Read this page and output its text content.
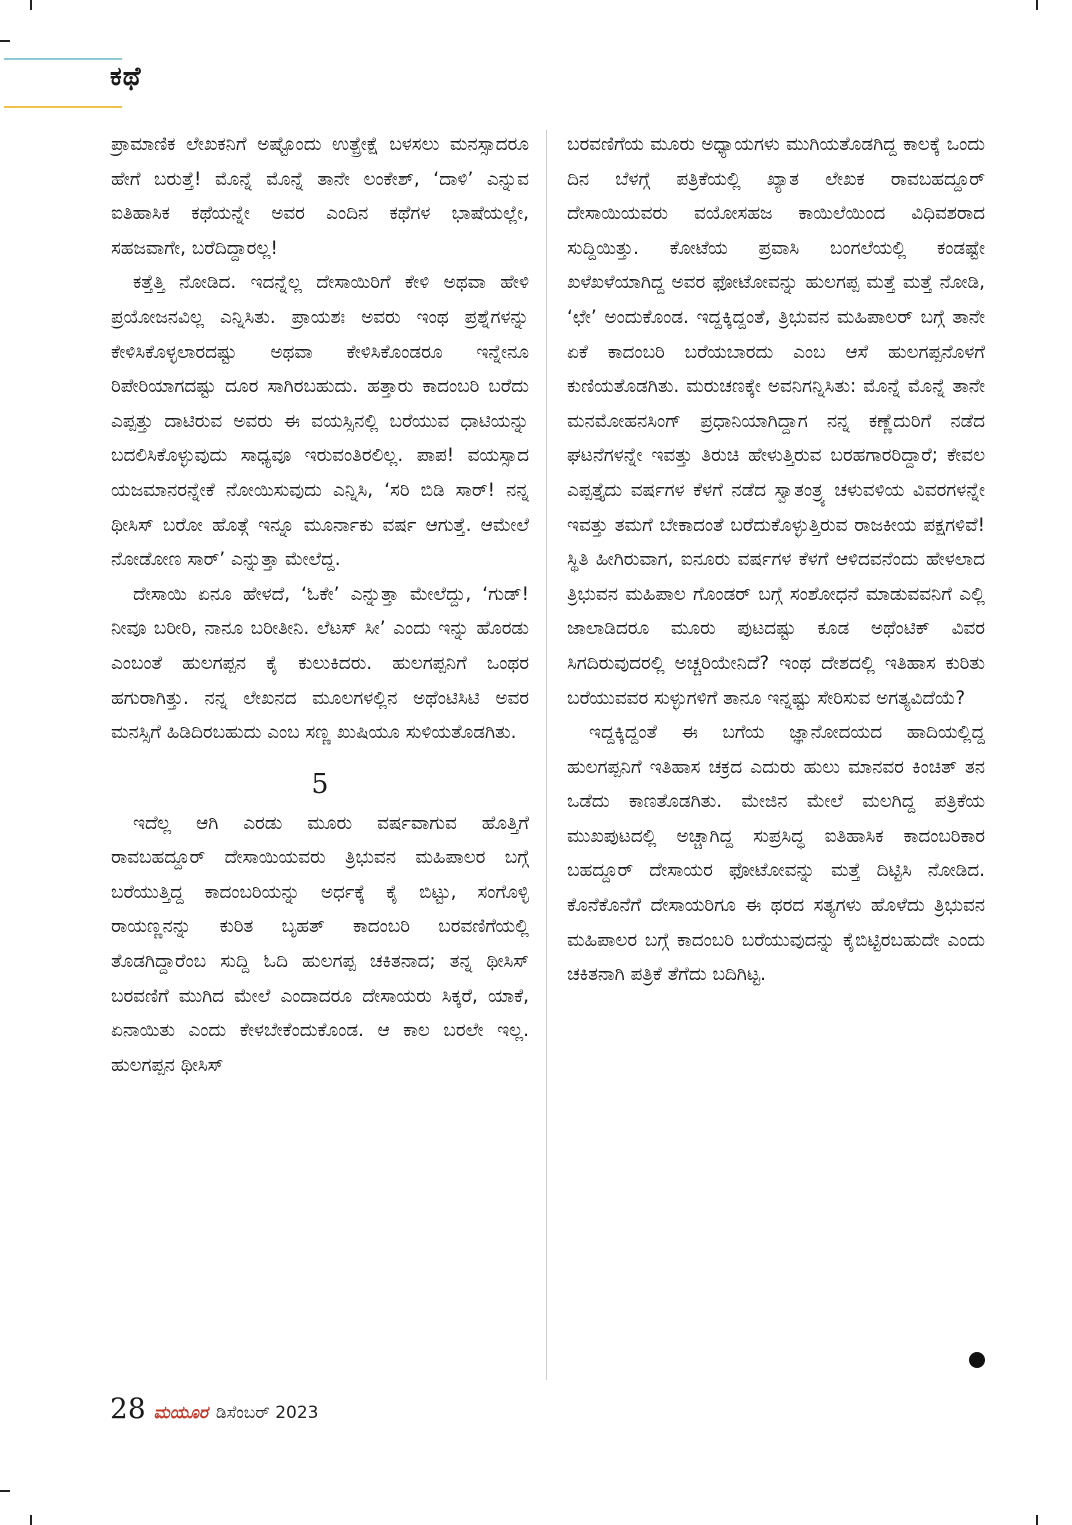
ಕಥೆ

ಪ್ರಾಮಾಣಿಕ ಲೇಖಕನಿಗೆ ಅಷ್ಟೊಂದು ಉತ್ಪ್ರೇಕ್ಷೆ ಬಳಸಲು ಮನಸ್ಸಾದರೂ ಹೇಗೆ ಬರುತ್ತೆ! ಮೊನ್ನೆ ಮೊನ್ನೆ ತಾನೇ ಲಂಕೇಶ್, ‘ದಾಳಿ’ ಎನ್ನುವ ಐತಿಹಾಸಿಕ ಕಥೆಯನ್ನೇ ಅವರ ಎಂದಿನ ಕಥೆಗಳ ಭಾಷೆಯಲ್ಲೇ, ಸಹಜವಾಗೇ, ಬರೆದಿದ್ದಾರಲ್ಲ!

ಕತ್ತೆತ್ತಿ ನೋಡಿದ. ಇದನ್ನೆಲ್ಲ ದೇಸಾಯಿರಿಗೆ ಕೇಳಿ ಅಥವಾ ಹೇಳಿ ಪ್ರಯೋಜನವಿಲ್ಲ ಎನ್ನಿಸಿತು. ಪ್ರಾಯಶಃ ಅವರು ಇಂಥ ಪ್ರಶ್ನೆಗಳನ್ನು ಕೇಳಿಸಿಕೊಳ್ಳಲಾರದಷ್ಟು ಅಥವಾ ಕೇಳಿಸಿಕೊಂಡರೂ ಇನ್ನೇನೂ ರಿಪೇರಿಯಾಗದಷ್ಟು ದೂರ ಸಾಗಿರಬಹುದು. ಹತ್ತಾರು ಕಾದಂಬರಿ ಬರೆದು ಎಪ್ಪತ್ತು ದಾಟಿರುವ ಅವರು ಈ ವಯಸ್ಸಿನಲ್ಲಿ ಬರೆಯುವ ಧಾಟಿಯನ್ನು ಬದಲಿಸಿಕೊಳ್ಳುವುದು ಸಾಧ್ಯವೂ ಇರುವಂತಿರಲಿಲ್ಲ. ಪಾಪ! ವಯಸ್ಸಾದ ಯಜಮಾನರನ್ನೇಕೆ ನೋಯಿಸುವುದು ಎನ್ನಿಸಿ, ‘ಸರಿ ಬಿಡಿ ಸಾರ್! ನನ್ನ ಥೀಸಿಸ್ ಬರೋ ಹೊತ್ಗೆ ಇನ್ನೂ ಮೂರ್ನಾಕು ವರ್ಷ ಆಗುತ್ತೆ. ಆಮೇಲೆ ನೋಡೋಣ ಸಾರ್’ ಎನ್ನುತ್ತಾ ಮೇಲೆದ್ದ.

ದೇಸಾಯಿ ಏನೂ ಹೇಳದೆ, ‘ಓಕೇ’ ಎನ್ನುತ್ತಾ ಮೇಲೆದ್ದು, ‘ಗುಡ್! ನೀವೂ ಬರೀರಿ, ನಾನೂ ಬರೀತೀನಿ. ಲೆಟಸ್ ಸೀ’ ಎಂದು ಇನ್ನು ಹೊರಡು ಎಂಬಂತೆ ಹುಲಗಪ್ಪನ ಕೈ ಕುಲುಕಿದರು. ಹುಲಗಪ್ಪನಿಗೆ ಒಂಥರ ಹಗುರಾಗಿತ್ತು. ನನ್ನ ಲೇಖನದ ಮೂಲಗಳಲ್ಲಿನ ಅಥೆಂಟಿಸಿಟಿ ಅವರ ಮನಸ್ಸಿಗೆ ಹಿಡಿದಿರಬಹುದು ಎಂಬ ಸಣ್ಣ ಖುಷಿಯೂ ಸುಳಿಯತೊಡಗಿತು.

5

ಇದೆಲ್ಲ ಆಗಿ ಎರಡು ಮೂರು ವರ್ಷವಾಗುವ ಹೊತ್ತಿಗೆ ರಾವಬಹದ್ದೂರ್ ದೇಸಾಯಿಯವರು ತ್ರಿಭುವನ ಮಹಿಪಾಲರ ಬಗ್ಗೆ ಬರೆಯುತ್ತಿದ್ದ ಕಾದಂಬರಿಯನ್ನು ಅರ್ಧಕ್ಕೆ ಕೈ ಬಿಟ್ಟು, ಸಂಗೊಳ್ಳಿ ರಾಯಣ್ಣನನ್ನು ಕುರಿತ ಬೃಹತ್ ಕಾದಂಬರಿ ಬರವಣಿಗೆಯಲ್ಲಿ ತೊಡಗಿದ್ದಾರೆಂಬ ಸುದ್ದಿ ಓದಿ ಹುಲಗಪ್ಪ ಚಕಿತನಾದ; ತನ್ನ ಥೀಸಿಸ್ ಬರವಣಿಗೆ ಮುಗಿದ ಮೇಲೆ ಎಂದಾದರೂ ದೇಸಾಯರು ಸಿಕ್ಕರೆ, ಯಾಕೆ, ಏನಾಯಿತು ಎಂದು ಕೇಳಬೇಕೆಂದುಕೊಂಡ. ಆ ಕಾಲ ಬರಲೇ ಇಲ್ಲ. ಹುಲಗಪ್ಪನ ಥೀಸಿಸ್

ಬರವಣಿಗೆಯ ಮೂರು ಅಧ್ಯಾಯಗಳು ಮುಗಿಯತೊಡಗಿದ್ದ ಕಾಲಕ್ಕೆ ಒಂದು ದಿನ ಬೆಳಗ್ಗೆ ಪತ್ರಿಕೆಯಲ್ಲಿ ಖ್ಯಾತ ಲೇಖಕ ರಾವಬಹದ್ದೂರ್ ದೇಸಾಯಿಯವರು ವಯೋಸಹಜ ಕಾಯಿಲೆಯಿಂದ ವಿಧಿವಶರಾದ ಸುದ್ದಿಯಿತ್ತು. ಕೋಟೆಯ ಪ್ರವಾಸಿ ಬಂಗಲೆಯಲ್ಲಿ ಕಂಡಷ್ಟೇ ಖಳೆಖಳೆಯಾಗಿದ್ದ ಅವರ ಫೋಟೋವನ್ನು ಹುಲಗಪ್ಪ ಮತ್ತೆ ಮತ್ತೆ ನೋಡಿ, ‘ಛೇ’ ಅಂದುಕೊಂಡ. ಇದ್ದಕ್ಕಿದ್ದಂತೆ, ತ್ರಿಭುವನ ಮಹಿಪಾಲರ್ ಬಗ್ಗೆ ತಾನೇ ಏಕೆ ಕಾದಂಬರಿ ಬರೆಯಬಾರದು ಎಂಬ ಆಸೆ ಹುಲಗಪ್ಪನೊಳಗೆ ಕುಣಿಯತೊಡಗಿತು. ಮರುಚಣಕ್ಕೇ ಅವನಿಗನ್ನಿಸಿತು: ಮೊನ್ನೆ ಮೊನ್ನೆ ತಾನೇ ಮನಮೋಹನಸಿಂಗ್ ಪ್ರಧಾನಿಯಾಗಿದ್ದಾಗ ನನ್ನ ಕಣ್ಣೆದುರಿಗೆ ನಡೆದ ಘಟನೆಗಳನ್ನೇ ಇವತ್ತು ತಿರುಚಿ ಹೇಳುತ್ತಿರುವ ಬರಹಗಾರರಿದ್ದಾರೆ; ಕೇವಲ ಎಪ್ಪತ್ತೈದು ವರ್ಷಗಳ ಕೆಳಗೆ ನಡೆದ ಸ್ವಾತಂತ್ರ್ಯ ಚಳುವಳಿಯ ವಿವರಗಳನ್ನೇ ಇವತ್ತು ತಮಗೆ ಬೇಕಾದಂತೆ ಬರೆದುಕೊಳ್ಳುತ್ತಿರುವ ರಾಜಕೀಯ ಪಕ್ಷಗಳಿವೆ! ಸ್ಥಿತಿ ಹೀಗಿರುವಾಗ, ಐನೂರು ವರ್ಷಗಳ ಕೆಳಗೆ ಆಳಿದವನೆಂದು ಹೇಳಲಾದ ತ್ರಿಭುವನ ಮಹಿಪಾಲ ಗೊಂಡರ್ ಬಗ್ಗೆ ಸಂಶೋಧನೆ ಮಾಡುವವನಿಗೆ ಎಲ್ಲಿ ಜಾಲಾಡಿದರೂ ಮೂರು ಪುಟದಷ್ಟು ಕೂಡ ಅಥೆಂಟಿಕ್ ವಿವರ ಸಿಗದಿರುವುದರಲ್ಲಿ ಅಚ್ಚರಿಯೇನಿದೆ? ಇಂಥ ದೇಶದಲ್ಲಿ ಇತಿಹಾಸ ಕುರಿತು ಬರೆಯುವವರ ಸುಳ್ಳುಗಳಿಗೆ ತಾನೂ ಇನ್ನಷ್ಟು ಸೇರಿಸುವ ಅಗತ್ಯವಿದೆಯೆ?

ಇದ್ದಕ್ಕಿದ್ದಂತೆ ಈ ಬಗೆಯ ಜ್ಞಾನೋದಯದ ಹಾದಿಯಲ್ಲಿದ್ದ ಹುಲಗಪ್ಪನಿಗೆ ಇತಿಹಾಸ ಚಕ್ರದ ಎದುರು ಹುಲು ಮಾನವರ ಕಿಂಚಿತ್ ತನ ಒಡೆದು ಕಾಣತೊಡಗಿತು. ಮೇಜಿನ ಮೇಲೆ ಮಲಗಿದ್ದ ಪತ್ರಿಕೆಯ ಮುಖಪುಟದಲ್ಲಿ ಅಚ್ಚಾಗಿದ್ದ ಸುಪ್ರಸಿದ್ಧ ಐತಿಹಾಸಿಕ ಕಾದಂಬರಿಕಾರ ಬಹದ್ದೂರ್ ದೇಸಾಯರ ಫೋಟೋವನ್ನು ಮತ್ತೆ ದಿಟ್ಟಿಸಿ ನೋಡಿದ. ಕೊನೆಕೊನೆಗೆ ದೇಸಾಯರಿಗೂ ಈ ಥರದ ಸತ್ಯಗಳು ಹೊಳೆದು ತ್ರಿಭುವನ ಮಹಿಪಾಲರ ಬಗ್ಗೆ ಕಾದಂಬರಿ ಬರೆಯುವುದನ್ನು ಕೈಬಿಟ್ಟಿರಬಹುದೇ ಎಂದು ಚಕಿತನಾಗಿ ಪತ್ರಿಕೆ ತೆಗೆದು ಬದಿಗಿಟ್ಟ.

28 ಮಯೂರ ಡಿಸೆಂಬರ್ 2023
